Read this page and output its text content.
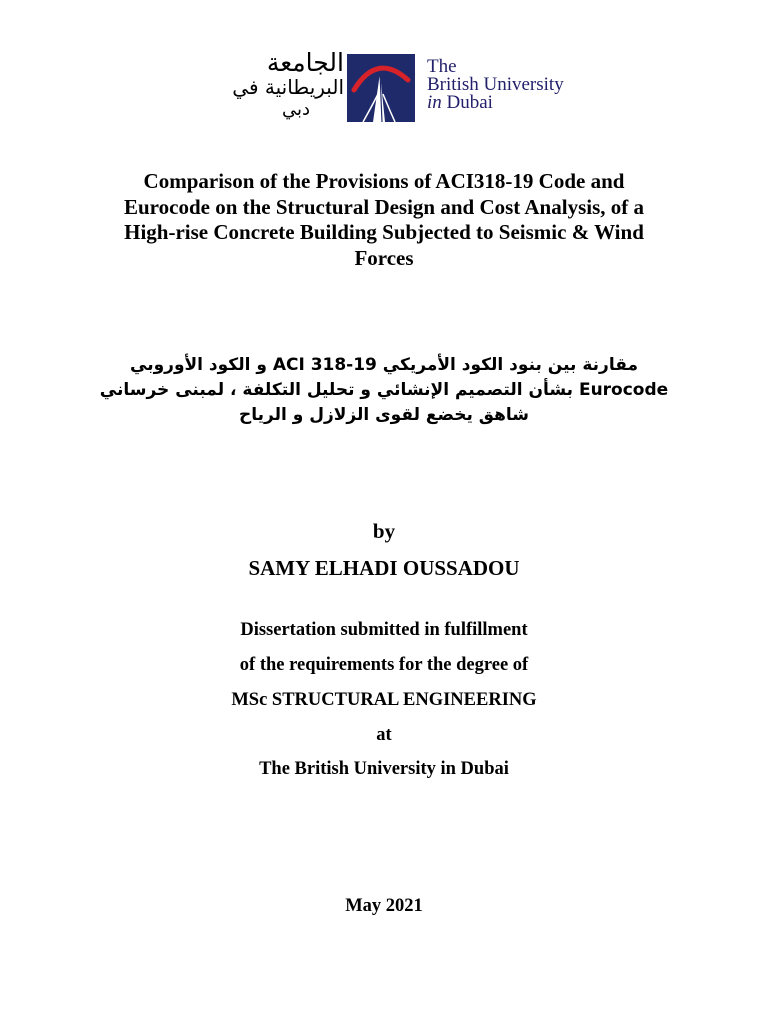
الجامعة
البريطانية في
دبي
The
British University
in Dubai
Comparison of the Provisions of ACI318-19 Code and
Eurocode on the Structural Design and Cost Analysis, of a
High-rise Concrete Building Subjected to Seismic & Wind
Forces
مقارنة بين بنود الكود الأمريكي ACI 318-19 و الكود الأوروبي
Eurocode بشأن التصميم الإنشائي و تحليل التكلفة ، لمبنى خرساني
شاهق يخضع لقوى الزلازل و الرياح
by
SAMY ELHADI OUSSADOU
Dissertation submitted in fulfillment
of the requirements for the degree of
MSc STRUCTURAL ENGINEERING
at
The British University in Dubai
May 2021
